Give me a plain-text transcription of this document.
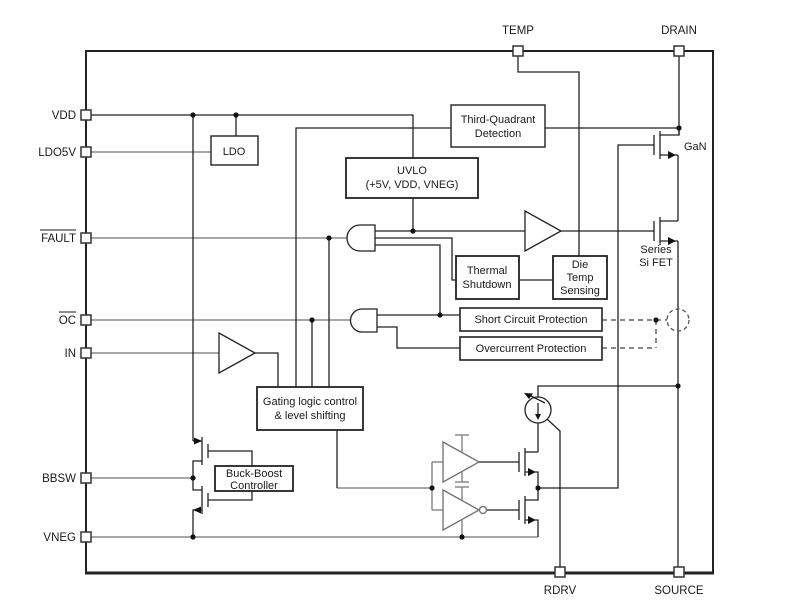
VDD
LDO5V
FAULT
OC
IN
BBSW
VNEG
TEMP	DRAIN
RDRV	SOURCE
LDO
Third-Quadrant
Detection
UVLO
(+5V, VDD, VNEG)
Thermal
Shutdown
Die
Temp
Sensing
Short Circuit Protection
Overcurrent Protection
Gating logic control
& level shifting
Buck-Boost
Controller
GaN
Series
Si FET
